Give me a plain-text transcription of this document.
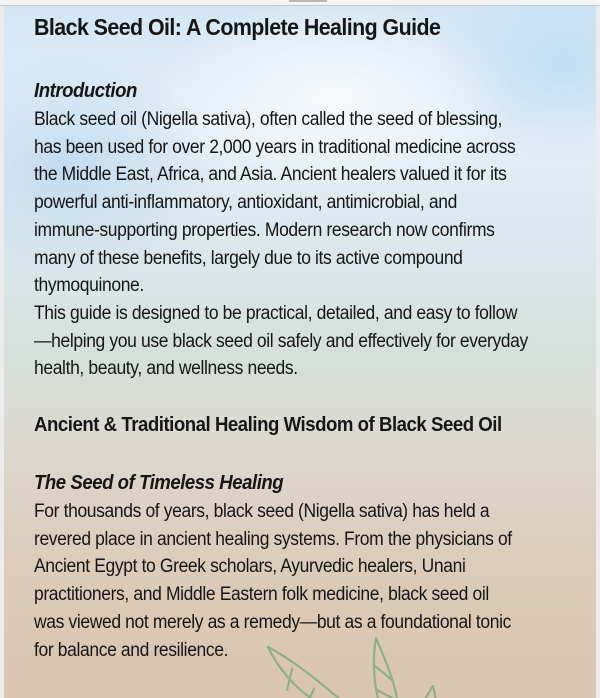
Black Seed Oil: A Complete Healing Guide
Introduction
Black seed oil (Nigella sativa), often called the seed of blessing,
has been used for over 2,000 years in traditional medicine across
the Middle East, Africa, and Asia. Ancient healers valued it for its
powerful anti-inflammatory, antioxidant, antimicrobial, and
immune-supporting properties. Modern research now confirms
many of these benefits, largely due to its active compound
thymoquinone.
This guide is designed to be practical, detailed, and easy to follow
—helping you use black seed oil safely and effectively for everyday
health, beauty, and wellness needs.
Ancient & Traditional Healing Wisdom of Black Seed Oil
The Seed of Timeless Healing
For thousands of years, black seed (Nigella sativa) has held a
revered place in ancient healing systems. From the physicians of
Ancient Egypt to Greek scholars, Ayurvedic healers, Unani
practitioners, and Middle Eastern folk medicine, black seed oil
was viewed not merely as a remedy—but as a foundational tonic
for balance and resilience.
